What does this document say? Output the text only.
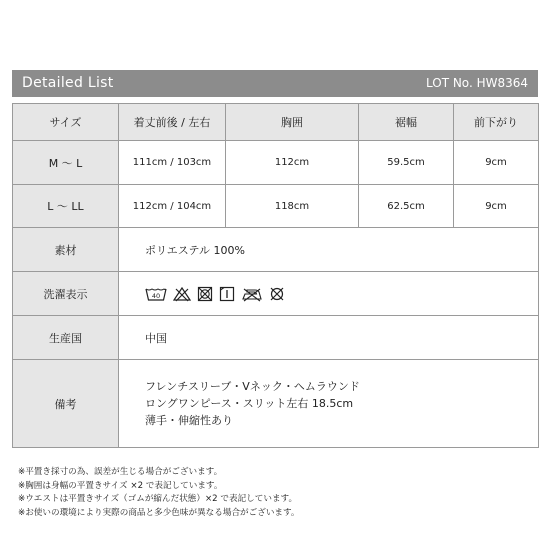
Detailed List	LOT No. HW8364
サイズ	着丈前後 / 左右	胸囲	裾幅	前下がり
M 〜 L	111cm / 103cm	112cm	59.5cm	9cm
L 〜 LL	112cm / 104cm	118cm	62.5cm	9cm
素材	ポリエステル 100%			
洗濯表示	40			

生産国	中国			
備考	フレンチスリーブ・Vネック・ヘムラウンド
ロングワンピース・スリット左右 18.5cm
薄手・伸縮性あり			
※平置き採寸の為、誤差が生じる場合がございます。
※胸囲は身幅の平置きサイズ ×2 で表記しています。
※ウエストは平置きサイズ（ゴムが縮んだ状態）×2 で表記しています。
※お使いの環境により実際の商品と多少色味が異なる場合がございます。
